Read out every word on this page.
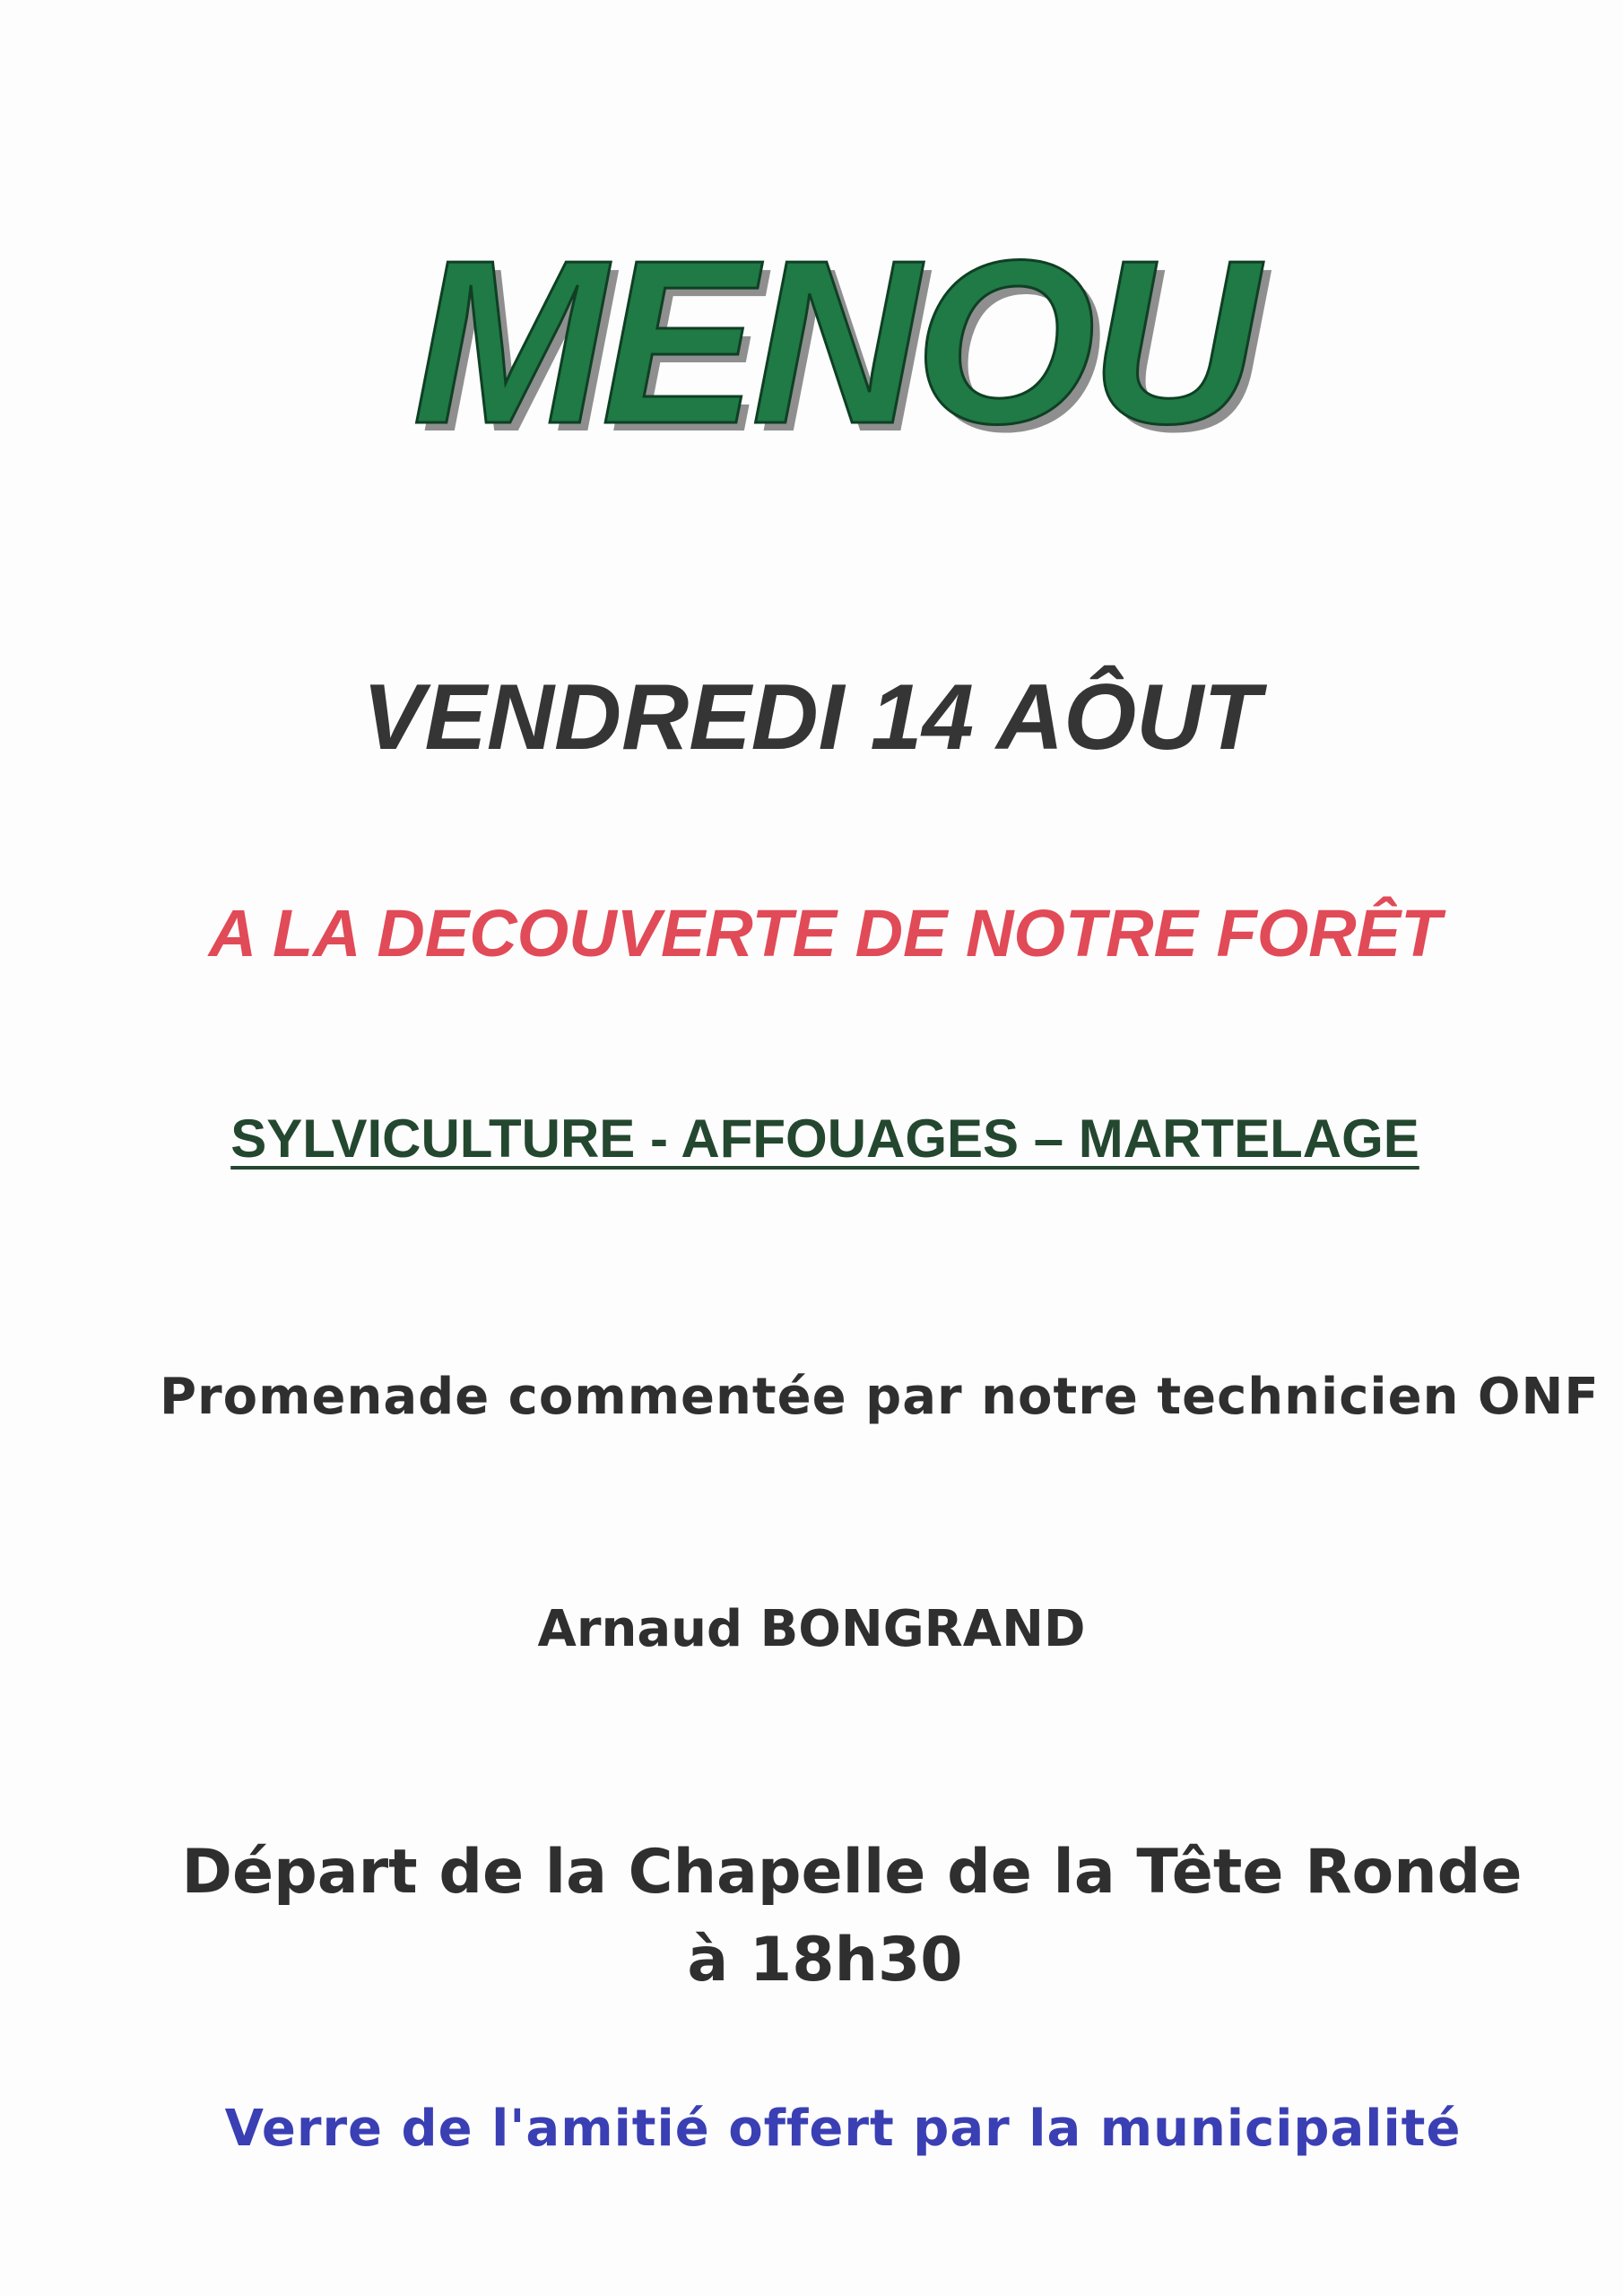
MENOU
VENDREDI 14 AÔUT
A LA DECOUVERTE DE NOTRE FORÊT

SYLVICULTURE - AFFOUAGES – MARTELAGE

Promenade commentée par notre technicien ONF

Arnaud BONGRAND

Départ de la Chapelle de la Tête Ronde

à 18h30

Verre de l'amitié offert par la municipalité
